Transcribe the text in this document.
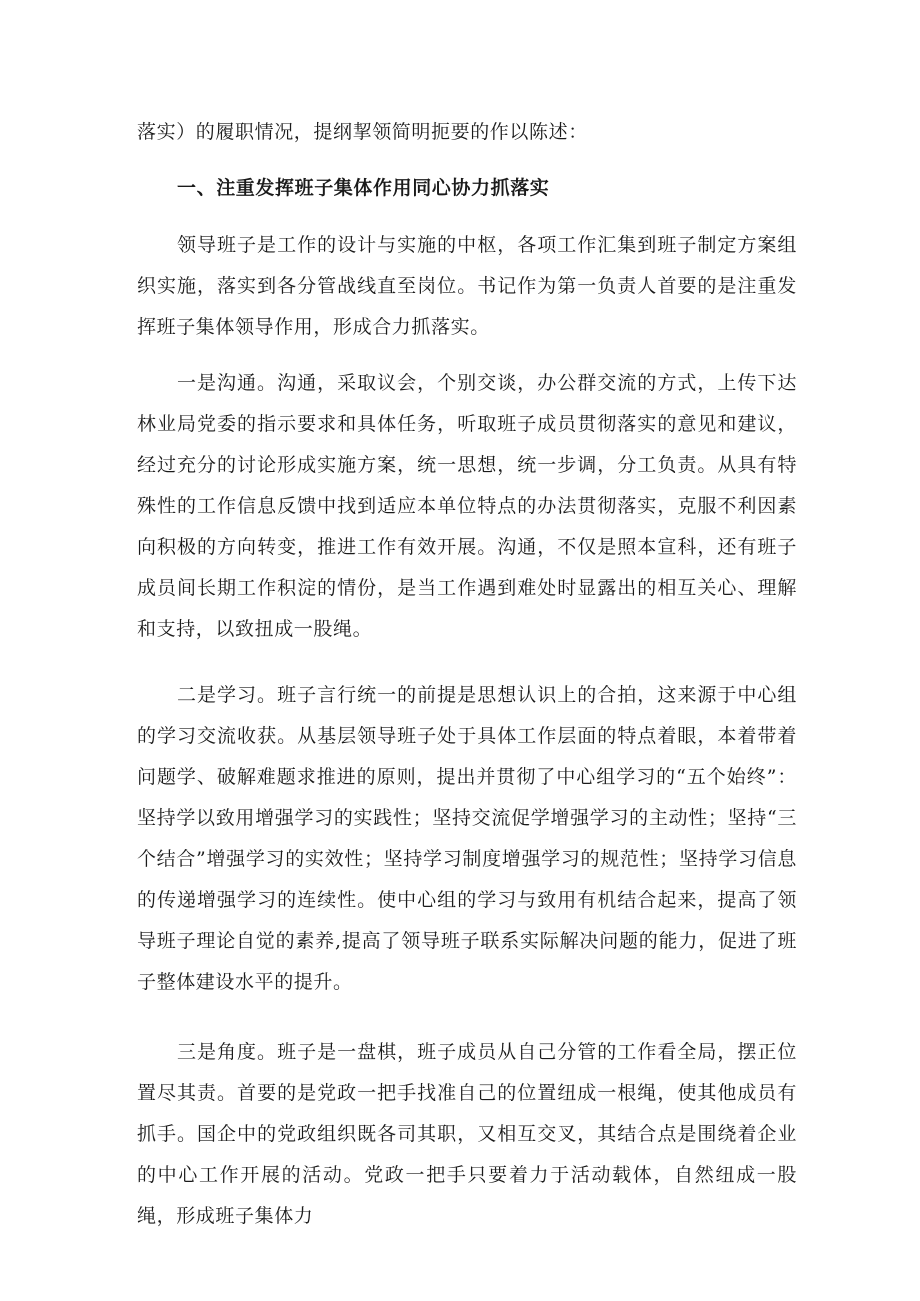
落实）的履职情况，提纲挈领简明扼要的作以陈述：

一、注重发挥班子集体作用同心协力抓落实

领导班子是工作的设计与实施的中枢，各项工作汇集到班子制定方案组织实施，落实到各分管战线直至岗位。书记作为第一负责人首要的是注重发挥班子集体领导作用，形成合力抓落实。

一是沟通。沟通，采取议会，个别交谈，办公群交流的方式，上传下达林业局党委的指示要求和具体任务，听取班子成员贯彻落实的意见和建议，经过充分的讨论形成实施方案，统一思想，统一步调，分工负责。从具有特殊性的工作信息反馈中找到适应本单位特点的办法贯彻落实，克服不利因素向积极的方向转变，推进工作有效开展。沟通，不仅是照本宣科，还有班子成员间长期工作积淀的情份，是当工作遇到难处时显露出的相互关心、理解和支持，以致扭成一股绳。

二是学习。班子言行统一的前提是思想认识上的合拍，这来源于中心组的学习交流收获。从基层领导班子处于具体工作层面的特点着眼，本着带着问题学、破解难题求推进的原则，提出并贯彻了中心组学习的“五个始终”：坚持学以致用增强学习的实践性；坚持交流促学增强学习的主动性；坚持“三个结合”增强学习的实效性；坚持学习制度增强学习的规范性；坚持学习信息的传递增强学习的连续性。使中心组的学习与致用有机结合起来，提高了领导班子理论自觉的素养,提高了领导班子联系实际解决问题的能力，促进了班子整体建设水平的提升。

三是角度。班子是一盘棋，班子成员从自己分管的工作看全局，摆正位置尽其责。首要的是党政一把手找准自己的位置纽成一根绳，使其他成员有抓手。国企中的党政组织既各司其职，又相互交叉，其结合点是围绕着企业的中心工作开展的活动。党政一把手只要着力于活动载体，自然纽成一股绳，形成班子集体力
